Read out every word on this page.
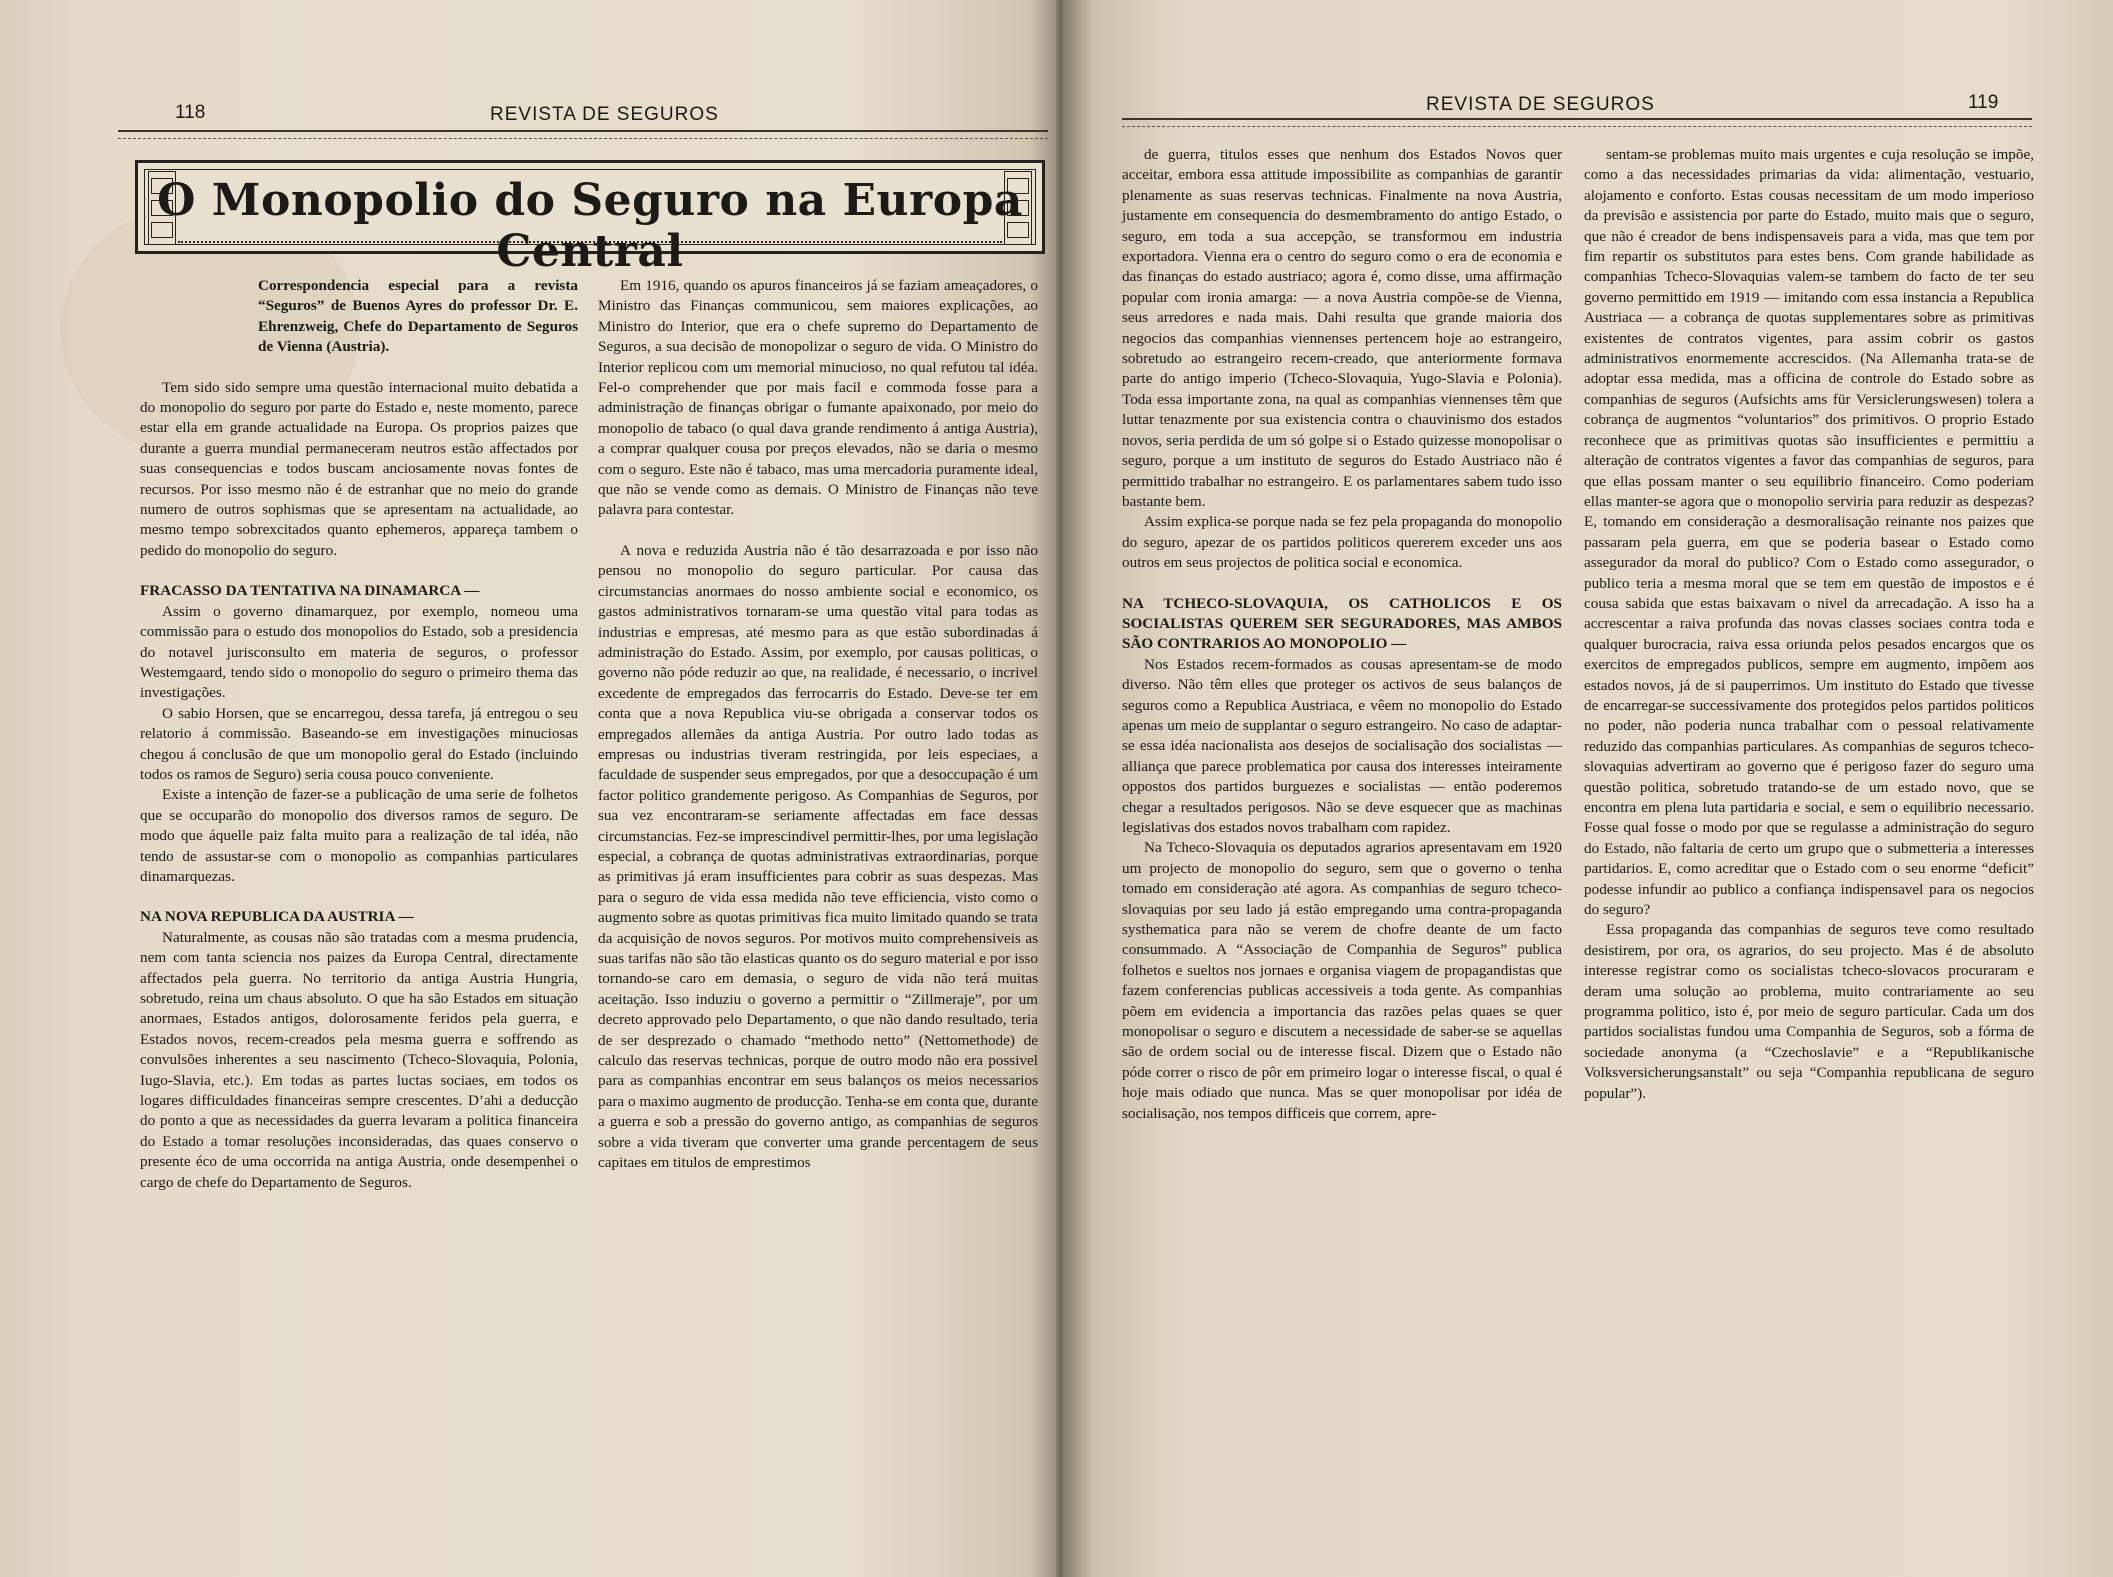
118	REVISTA DE SEGUROS
O Monopolio do Seguro na Europa Central

Correspondencia especial para a revista “Seguros” de Buenos Ayres do professor Dr. E. Ehrenzweig, Chefe do Departamento de Seguros de Vienna (Austria).

Tem sido sido sempre uma questão internacional muito debatida a do monopolio do seguro por parte do Estado e, neste momento, parece estar ella em grande actualidade na Europa. Os proprios paizes que durante a guerra mundial permaneceram neutros estão affectados por suas consequencias e todos buscam anciosamente novas fontes de recursos. Por isso mesmo não é de estranhar que no meio do grande numero de outros sophismas que se apresentam na actualidade, ao mesmo tempo sobrexcitados quanto ephemeros, appareça tambem o pedido do monopolio do seguro.

FRACASSO DA TENTATIVA NA DINAMARCA —

Assim o governo dinamarquez, por exemplo, nomeou uma commissão para o estudo dos monopolios do Estado, sob a presidencia do notavel jurisconsulto em materia de seguros, o professor Westemgaard, tendo sido o monopolio do seguro o primeiro thema das investigações.

O sabio Horsen, que se encarregou, dessa tarefa, já entregou o seu relatorio á commissão. Baseando-se em investigações minuciosas chegou á conclusão de que um monopolio geral do Estado (incluindo todos os ramos de Seguro) seria cousa pouco conveniente.

Existe a intenção de fazer-se a publicação de uma serie de folhetos que se occuparão do monopolio dos diversos ramos de seguro. De modo que áquelle paiz falta muito para a realização de tal idéa, não tendo de assustar-se com o monopolio as companhias particulares dinamarquezas.

NA NOVA REPUBLICA DA AUSTRIA —

Naturalmente, as cousas não são tratadas com a mesma prudencia, nem com tanta sciencia nos paizes da Europa Central, directamente affectados pela guerra. No territorio da antiga Austria Hungria, sobretudo, reina um chaus absoluto. O que ha são Estados em situação anormaes, Estados antigos, dolorosamente feridos pela guerra, e Estados novos, recem-creados pela mesma guerra e soffrendo as convulsões inherentes a seu nascimento (Tcheco-Slovaquia, Polonia, Iugo-Slavia, etc.). Em todas as partes luctas sociaes, em todos os logares difficuldades financeiras sempre crescentes. D’ahi a deducção do ponto a que as necessidades da guerra levaram a politica financeira do Estado a tomar resoluções inconsideradas, das quaes conservo o presente éco de uma occorrida na antiga Austria, onde desempenhei o cargo de chefe do Departamento de Seguros.

Em 1916, quando os apuros financeiros já se faziam ameaçadores, o Ministro das Finanças communicou, sem maiores explicações, ao Ministro do Interior, que era o chefe supremo do Departamento de Seguros, a sua decisão de monopolizar o seguro de vida. O Ministro do Interior replicou com um memorial minucioso, no qual refutou tal idéa. Fel-o comprehender que por mais facil e commoda fosse para a administração de finanças obrigar o fumante apaixonado, por meio do monopolio de tabaco (o qual dava grande rendimento á antiga Austria), a comprar qualquer cousa por preços elevados, não se daria o mesmo com o seguro. Este não é tabaco, mas uma mercadoria puramente ideal, que não se vende como as demais. O Ministro de Finanças não teve palavra para contestar.

A nova e reduzida Austria não é tão desarrazoada e por isso não pensou no monopolio do seguro particular. Por causa das circumstancias anormaes do nosso ambiente social e economico, os gastos administrativos tornaram-se uma questão vital para todas as industrias e empresas, até mesmo para as que estão subordinadas á administração do Estado. Assim, por exemplo, por causas politicas, o governo não póde reduzir ao que, na realidade, é necessario, o incrivel excedente de empregados das ferrocarris do Estado. Deve-se ter em conta que a nova Republica viu-se obrigada a conservar todos os empregados allemães da antiga Austria. Por outro lado todas as empresas ou industrias tiveram restringida, por leis especiaes, a faculdade de suspender seus empregados, por que a desoccupação é um factor politico grandemente perigoso. As Companhias de Seguros, por sua vez encontraram-se seriamente affectadas em face dessas circumstancias. Fez-se imprescindivel permittir-lhes, por uma legislação especial, a cobrança de quotas administrativas extraordinarias, porque as primitivas já eram insufficientes para cobrir as suas despezas. Mas para o seguro de vida essa medida não teve efficiencia, visto como o augmento sobre as quotas primitivas fica muito limitado quando se trata da acquisição de novos seguros. Por motivos muito comprehensiveis as suas tarifas não são tão elasticas quanto os do seguro material e por isso tornando-se caro em demasia, o seguro de vida não terá muitas aceitação. Isso induziu o governo a permittir o “Zillmeraje”, por um decreto approvado pelo Departamento, o que não dando resultado, teria de ser desprezado o chamado “methodo netto” (Nettomethode) de calculo das reservas technicas, porque de outro modo não era possivel para as companhias encontrar em seus balanços os meios necessarios para o maximo augmento de producção. Tenha-se em conta que, durante a guerra e sob a pressão do governo antigo, as companhias de seguros sobre a vida tiveram que converter uma grande percentagem de seus capitaes em titulos de emprestimos

REVISTA DE SEGUROS	119

de guerra, titulos esses que nenhum dos Estados Novos quer acceitar, embora essa attitude impossibilite as companhias de garantir plenamente as suas reservas technicas. Finalmente na nova Austria, justamente em consequencia do desmembramento do antigo Estado, o seguro, em toda a sua accepção, se transformou em industria exportadora. Vienna era o centro do seguro como o era de economia e das finanças do estado austriaco; agora é, como disse, uma affirmação popular com ironia amarga: — a nova Austria compõe-se de Vienna, seus arredores e nada mais. Dahi resulta que grande maioria dos negocios das companhias viennenses pertencem hoje ao estrangeiro, sobretudo ao estrangeiro recem-creado, que anteriormente formava parte do antigo imperio (Tcheco-Slovaquia, Yugo-Slavia e Polonia). Toda essa importante zona, na qual as companhias viennenses têm que luttar tenazmente por sua existencia contra o chauvinismo dos estados novos, seria perdida de um só golpe si o Estado quizesse monopolisar o seguro, porque a um instituto de seguros do Estado Austriaco não é permittido trabalhar no estrangeiro. E os parlamentares sabem tudo isso bastante bem.

Assim explica-se porque nada se fez pela propaganda do monopolio do seguro, apezar de os partidos politicos quererem exceder uns aos outros em seus projectos de politica social e economica.

NA TCHECO-SLOVAQUIA, OS CATHOLICOS E OS SOCIALISTAS QUEREM SER SEGURADORES, MAS AMBOS SÃO CONTRARIOS AO MONOPOLIO —

Nos Estados recem-formados as cousas apresentam-se de modo diverso. Não têm elles que proteger os activos de seus balanços de seguros como a Republica Austriaca, e vêem no monopolio do Estado apenas um meio de supplantar o seguro estrangeiro. No caso de adaptar-se essa idéa nacionalista aos desejos de socialisação dos socialistas — alliança que parece problematica por causa dos interesses inteiramente oppostos dos partidos burguezes e socialistas — então poderemos chegar a resultados perigosos. Não se deve esquecer que as machinas legislativas dos estados novos trabalham com rapidez.

Na Tcheco-Slovaquia os deputados agrarios apresentavam em 1920 um projecto de monopolio do seguro, sem que o governo o tenha tomado em consideração até agora. As companhias de seguro tcheco-slovaquias por seu lado já estão empregando uma contra-propaganda systhematica para não se verem de chofre deante de um facto consummado. A “Associação de Companhia de Seguros” publica folhetos e sueltos nos jornaes e organisa viagem de propagandistas que fazem conferencias publicas accessiveis a toda gente. As companhias põem em evidencia a importancia das razões pelas quaes se quer monopolisar o seguro e discutem a necessidade de saber-se se aquellas são de ordem social ou de interesse fiscal. Dizem que o Estado não póde correr o risco de pôr em primeiro logar o interesse fiscal, o qual é hoje mais odiado que nunca. Mas se quer monopolisar por idéa de socialisação, nos tempos difficeis que correm, apre-

sentam-se problemas muito mais urgentes e cuja resolução se impõe, como a das necessidades primarias da vida: alimentação, vestuario, alojamento e conforto. Estas cousas necessitam de um modo imperioso da previsão e assistencia por parte do Estado, muito mais que o seguro, que não é creador de bens indispensaveis para a vida, mas que tem por fim repartir os substitutos para estes bens. Com grande habilidade as companhias Tcheco-Slovaquias valem-se tambem do facto de ter seu governo permittido em 1919 — imitando com essa instancia a Republica Austriaca — a cobrança de quotas supplementares sobre as primitivas existentes de contratos vigentes, para assim cobrir os gastos administrativos enormemente accrescidos. (Na Allemanha trata-se de adoptar essa medida, mas a officina de controle do Estado sobre as companhias de seguros (Aufsichts ams für Versiclerungswesen) tolera a cobrança de augmentos “voluntarios” dos primitivos. O proprio Estado reconhece que as primitivas quotas são insufficientes e permittiu a alteração de contratos vigentes a favor das companhias de seguros, para que ellas possam manter o seu equilibrio financeiro. Como poderiam ellas manter-se agora que o monopolio serviria para reduzir as despezas? E, tomando em consideração a desmoralisação reinante nos paizes que passaram pela guerra, em que se poderia basear o Estado como assegurador da moral do publico? Com o Estado como assegurador, o publico teria a mesma moral que se tem em questão de impostos e é cousa sabida que estas baixavam o nivel da arrecadação. A isso ha a accrescentar a raiva profunda das novas classes sociaes contra toda e qualquer burocracia, raiva essa oriunda pelos pesados encargos que os exercitos de empregados publicos, sempre em augmento, impõem aos estados novos, já de si pauperrimos. Um instituto do Estado que tivesse de encarregar-se successivamente dos protegidos pelos partidos politicos no poder, não poderia nunca trabalhar com o pessoal relativamente reduzido das companhias particulares. As companhias de seguros tcheco-slovaquias advertiram ao governo que é perigoso fazer do seguro uma questão politica, sobretudo tratando-se de um estado novo, que se encontra em plena luta partidaria e social, e sem o equilibrio necessario. Fosse qual fosse o modo por que se regulasse a administração do seguro do Estado, não faltaria de certo um grupo que o submetteria a interesses partidarios. E, como acreditar que o Estado com o seu enorme “deficit” podesse infundir ao publico a confiança indispensavel para os negocios do seguro?

Essa propaganda das companhias de seguros teve como resultado desistirem, por ora, os agrarios, do seu projecto. Mas é de absoluto interesse registrar como os socialistas tcheco-slovacos procuraram e deram uma solução ao problema, muito contrariamente ao seu programma politico, isto é, por meio de seguro particular. Cada um dos partidos socialistas fundou uma Companhia de Seguros, sob a fórma de sociedade anonyma (a “Czechoslavie” e a “Republikanische Volksversicherungsanstalt” ou seja “Companhia republicana de seguro popular”).
